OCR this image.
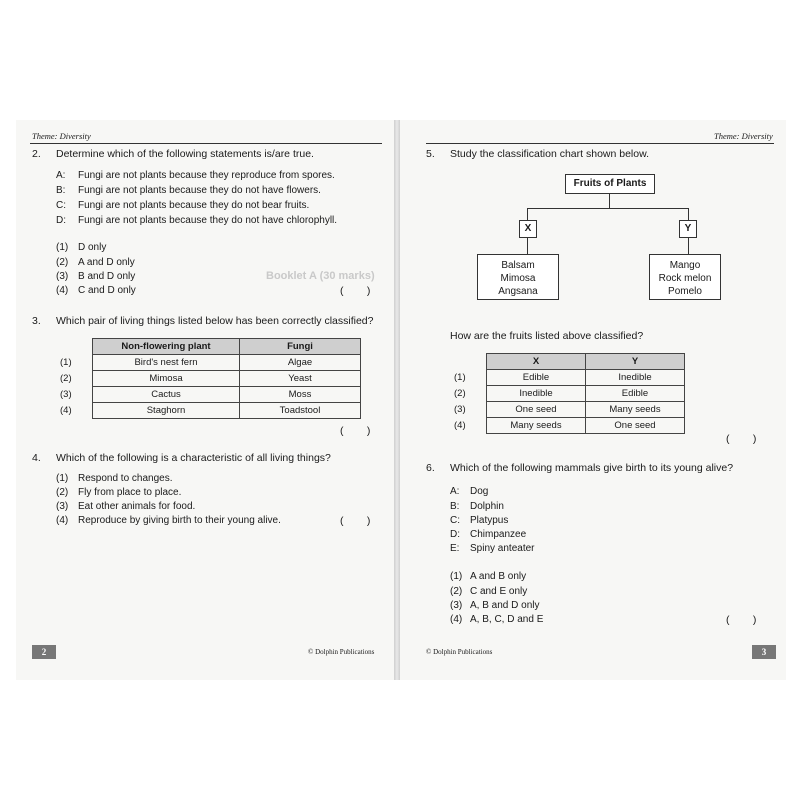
Theme: Diversity
Booklet A (30 marks)
2. Determine which of the following statements is/are true.
A: Fungi are not plants because they reproduce from spores.
B: Fungi are not plants because they do not have flowers.
C: Fungi are not plants because they do not bear fruits.
D: Fungi are not plants because they do not have chlorophyll.
(1) D only
(2) A and D only
(3) B and D only
(4) C and D only	(        )
3. Which pair of living things listed below has been correctly classified?
	Non-flowering plant	Fungi
(1)	Bird's nest fern	Algae
(2)	Mimosa	Yeast
(3)	Cactus	Moss
(4)	Staghorn	Toadstool
(        )
4. Which of the following is a characteristic of all living things?
(1) Respond to changes.
(2) Fly from place to place.
(3) Eat other animals for food.
(4) Reproduce by giving birth to their young alive.	(        )
2	© Dolphin Publications
Theme: Diversity
5. Study the classification chart shown below.
Fruits of Plants
X	Y
Balsam
Mimosa
Angsana
Mango
Rock melon
Pomelo
How are the fruits listed above classified?
	X	Y
(1)	Edible	Inedible
(2)	Inedible	Edible
(3)	One seed	Many seeds
(4)	Many seeds	One seed
(        )
6. Which of the following mammals give birth to its young alive?
A: Dog
B: Dolphin
C: Platypus
D: Chimpanzee
E: Spiny anteater
(1) A and B only
(2) C and E only
(3) A, B and D only
(4) A, B, C, D and E	(        )
© Dolphin Publications	3
